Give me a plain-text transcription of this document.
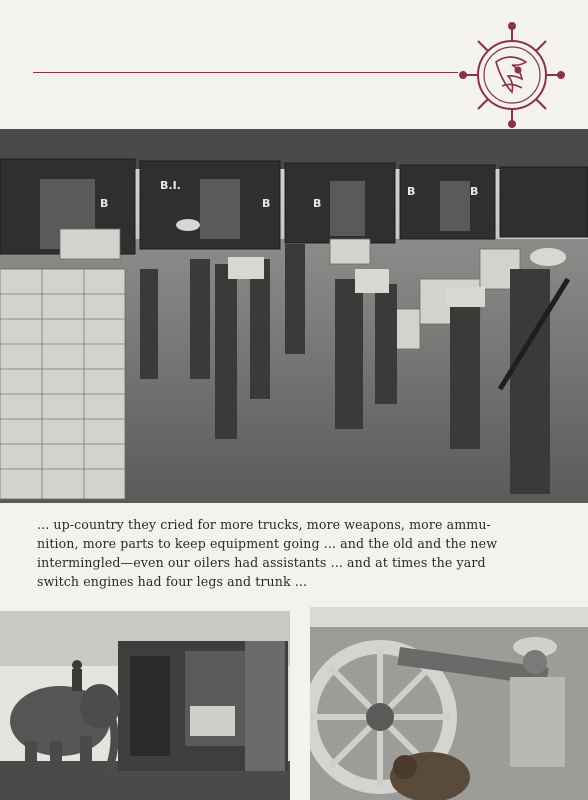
B
B.I.
B	B
B	B
... up-country they cried for more trucks, more weapons, more ammu-
nition, more parts to keep equipment going ... and the old and the new
intermingled—even our oilers had assistants ... and at times the yard
switch engines had four legs and trunk ...
